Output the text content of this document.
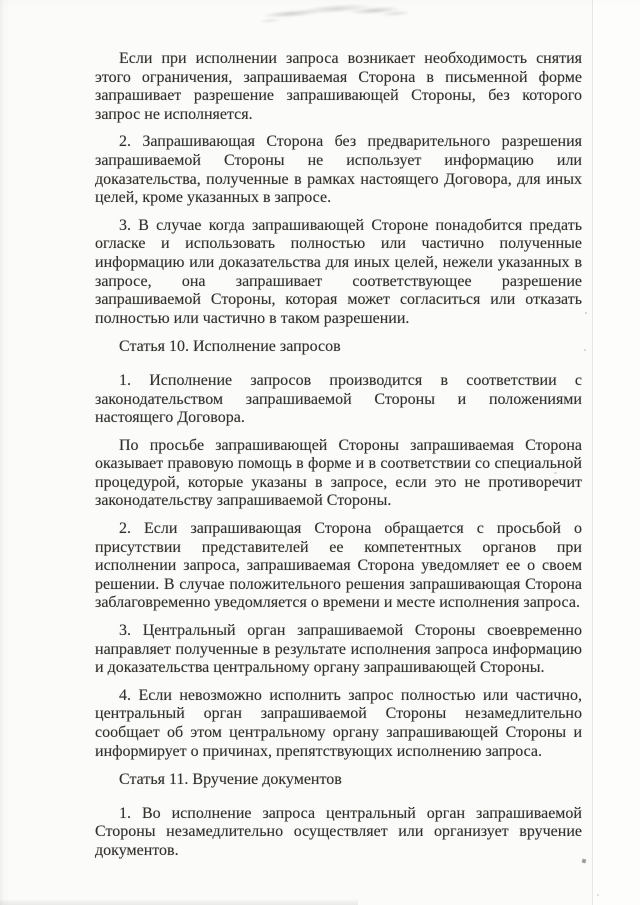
Если при исполнении запроса возникает необходимость снятия этого ограничения, запрашиваемая Сторона в письменной форме запрашивает разрешение запрашивающей Стороны, без которого запрос не исполняется.

2. Запрашивающая Сторона без предварительного разрешения запрашиваемой Стороны не использует информацию или доказательства, полученные в рамках настоящего Договора, для иных целей, кроме указанных в запросе.

3. В случае когда запрашивающей Стороне понадобится предать огласке и использовать полностью или частично полученные информацию или доказательства для иных целей, нежели указанных в запросе, она запрашивает соответствующее разрешение запрашиваемой Стороны, которая может согласиться или отказать полностью или частично в таком разрешении.

Статья 10. Исполнение запросов

1. Исполнение запросов производится в соответствии с законодательством запрашиваемой Стороны и положениями настоящего Договора.

По просьбе запрашивающей Стороны запрашиваемая Сторона оказывает правовую помощь в форме и в соответствии со специальной процедурой, которые указаны в запросе, если это не противоречит законодательству запрашиваемой Стороны.

2. Если запрашивающая Сторона обращается с просьбой о присутствии представителей ее компетентных органов при исполнении запроса, запрашиваемая Сторона уведомляет ее о своем решении. В случае положительного решения запрашивающая Сторона заблаговременно уведомляется о времени и месте исполнения запроса.

3. Центральный орган запрашиваемой Стороны своевременно направляет полученные в результате исполнения запроса информацию и доказательства центральному органу запрашивающей Стороны.

4. Если невозможно исполнить запрос полностью или частично, центральный орган запрашиваемой Стороны незамедлительно сообщает об этом центральному органу запрашивающей Стороны и информирует о причинах, препятствующих исполнению запроса.

Статья 11. Вручение документов

1. Во исполнение запроса центральный орган запрашиваемой Стороны незамедлительно осуществляет или организует вручение документов.
